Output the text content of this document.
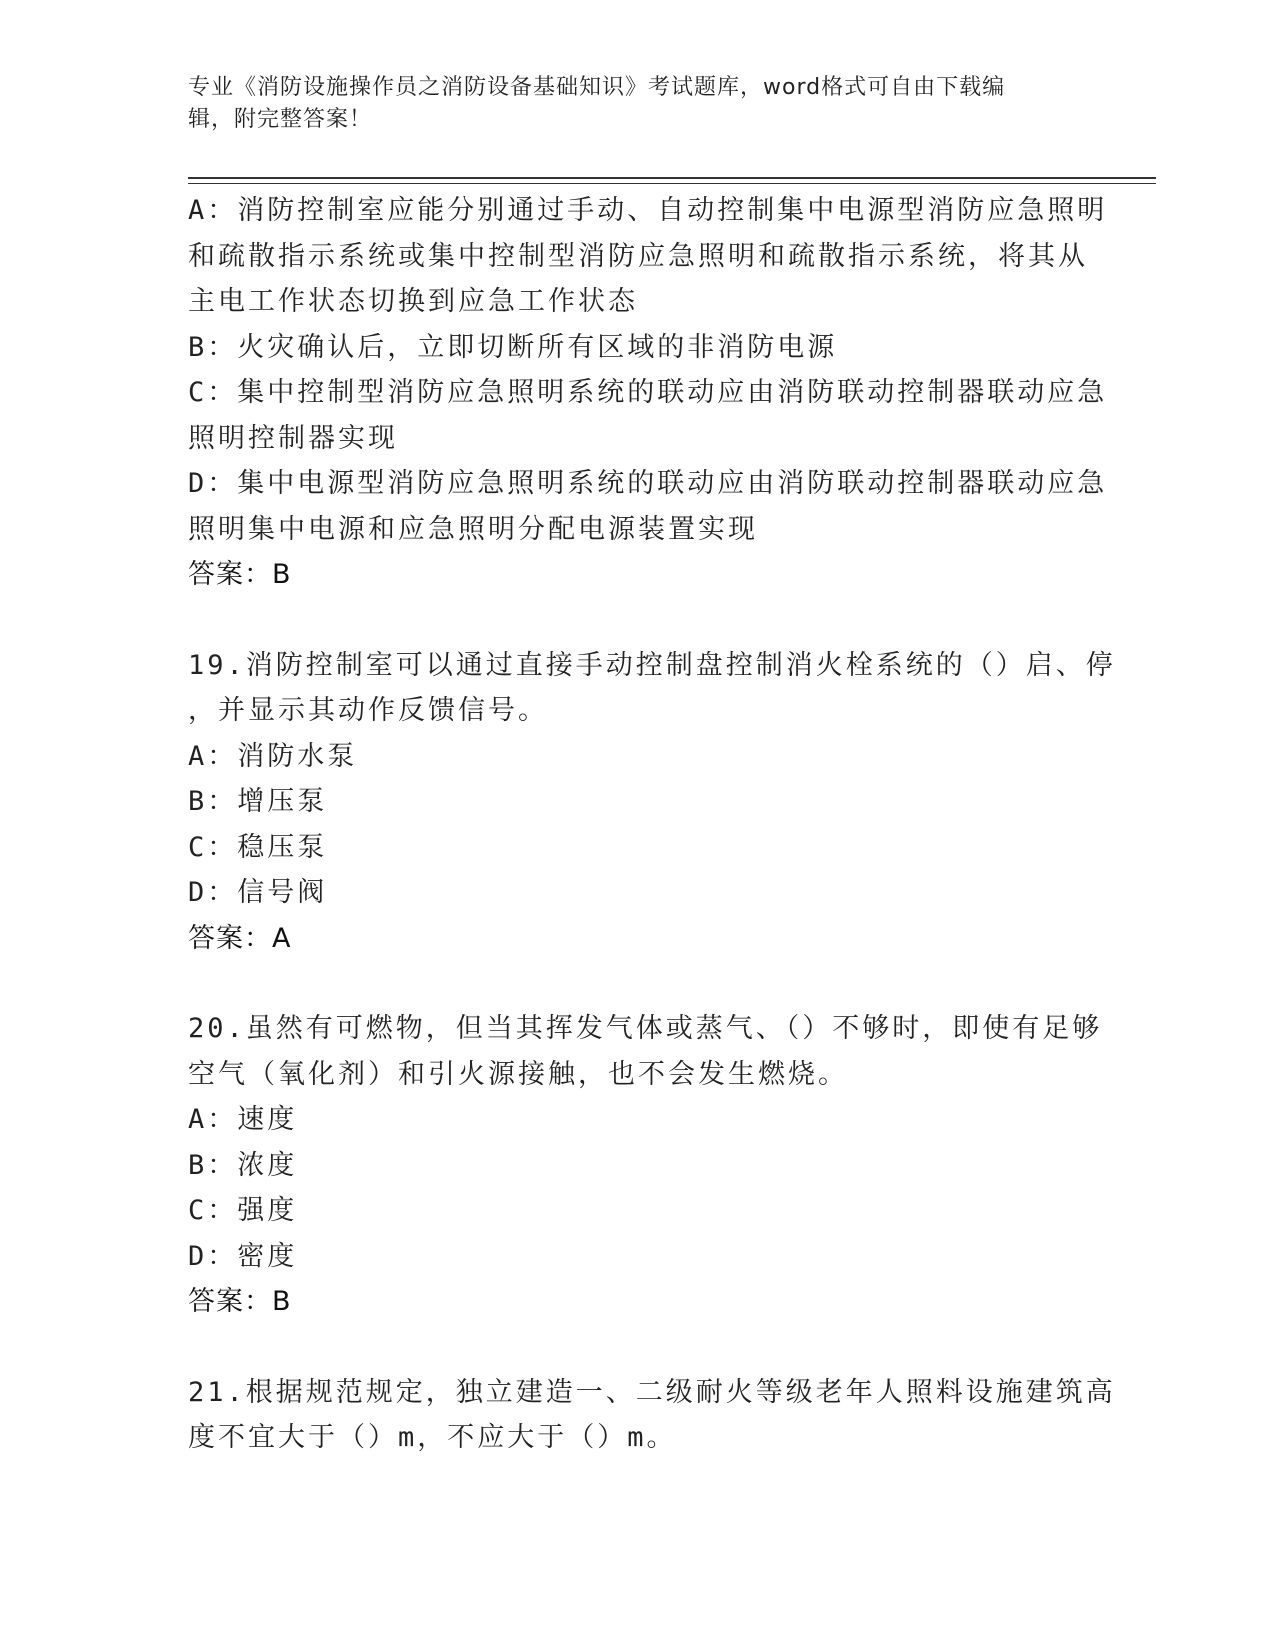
专业《消防设施操作员之消防设备基础知识》考试题库，word格式可自由下载编
辑，附完整答案！
A：消防控制室应能分别通过手动、自动控制集中电源型消防应急照明
和疏散指示系统或集中控制型消防应急照明和疏散指示系统，将其从
主电工作状态切换到应急工作状态
B：火灾确认后，立即切断所有区域的非消防电源
C：集中控制型消防应急照明系统的联动应由消防联动控制器联动应急
照明控制器实现
D：集中电源型消防应急照明系统的联动应由消防联动控制器联动应急
照明集中电源和应急照明分配电源装置实现
答案：B
19.消防控制室可以通过直接手动控制盘控制消火栓系统的（）启、停
，并显示其动作反馈信号。
A：消防水泵
B：增压泵
C：稳压泵
D：信号阀
答案：A
20.虽然有可燃物，但当其挥发气体或蒸气、（）不够时，即使有足够
空气（氧化剂）和引火源接触，也不会发生燃烧。
A：速度
B：浓度
C：强度
D：密度
答案：B
21.根据规范规定，独立建造一、二级耐火等级老年人照料设施建筑高
度不宜大于（）m，不应大于（）m。
